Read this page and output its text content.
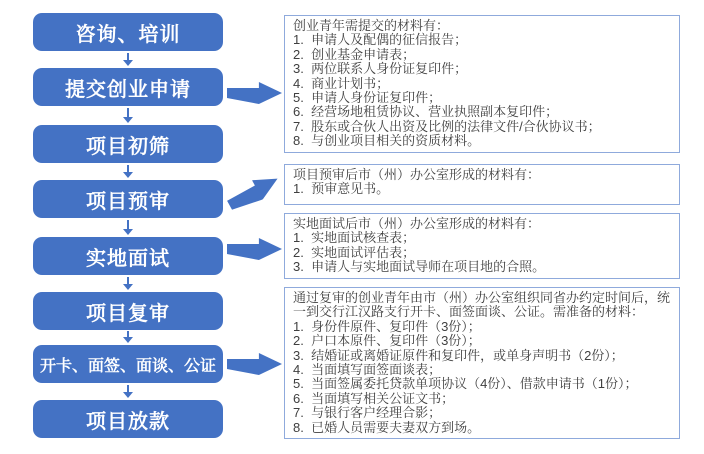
咨询、培训
提交创业申请
项目初筛
项目预审
实地面试
项目复审
开卡、面签、面谈、公证
项目放款
创业青年需提交的材料有：
1.  申请人及配偶的征信报告；
2.  创业基金申请表；
3.  两位联系人身份证复印件；
4.  商业计划书；
5.  申请人身份证复印件；
6.  经营场地租赁协议、营业执照副本复印件；
7.  股东或合伙人出资及比例的法律文件/合伙协议书；
8.  与创业项目相关的资质材料。
项目预审后市（州）办公室形成的材料有：
1.  预审意见书。
实地面试后市（州）办公室形成的材料有：
1.  实地面试核查表；
2.  实地面试评估表；
3.  申请人与实地面试导师在项目地的合照。
通过复审的创业青年由市（州）办公室组织同省办约定时间后，统一到交行江汉路支行开卡、面签面谈、公证。需准备的材料：
1.  身份件原件、复印件（3份）；
2.  户口本原件、复印件（3份）；
3.  结婚证或离婚证原件和复印件，或单身声明书（2份）；
4.  当面填写面签面谈表；
5.  当面签属委托贷款单项协议（4份）、借款申请书（1份）；
6.  当面填写相关公证文书；
7.  与银行客户经理合影；
8.  已婚人员需要夫妻双方到场。
